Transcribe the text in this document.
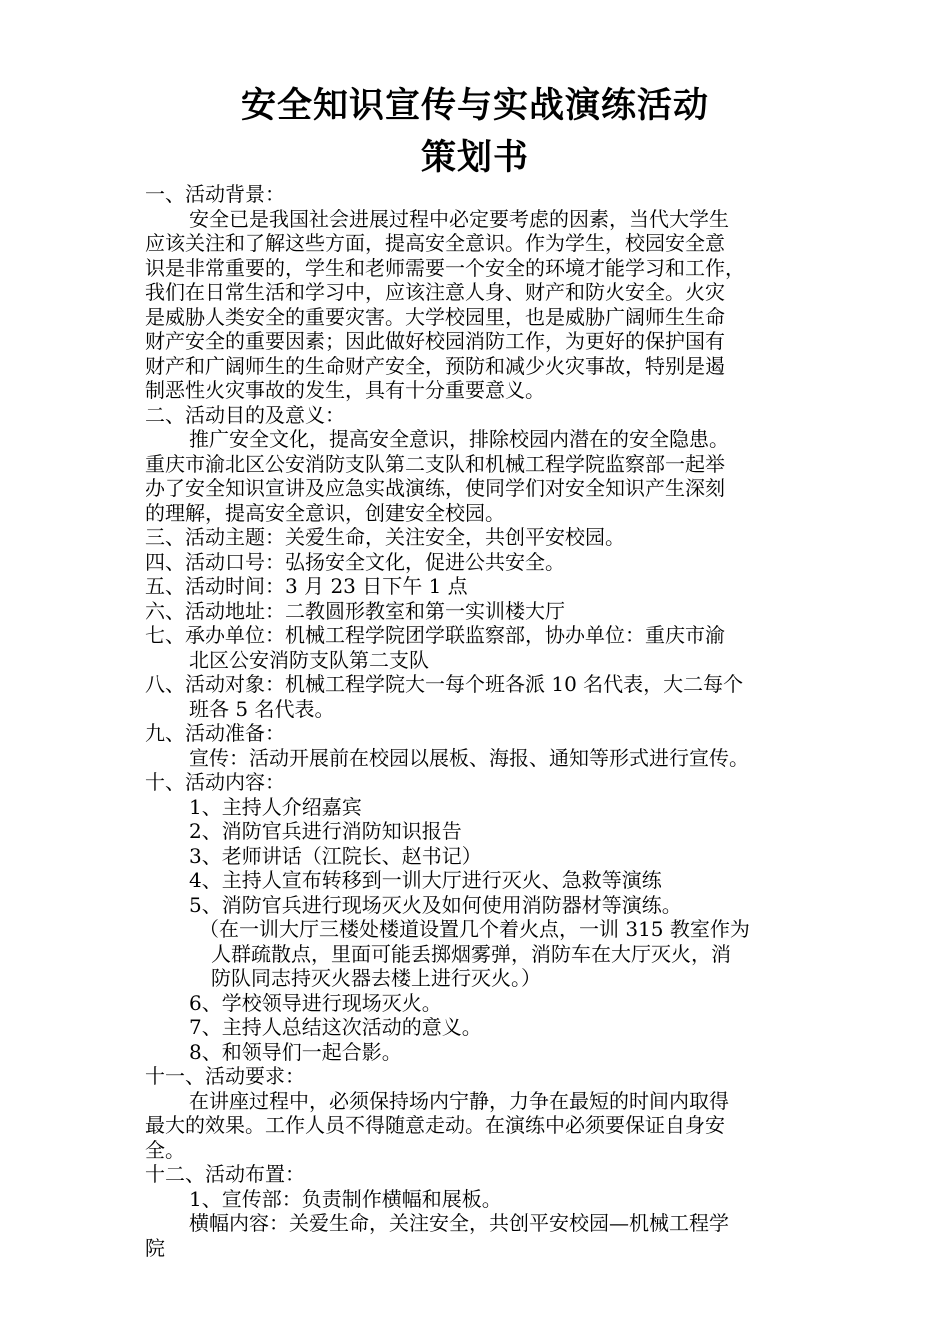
安全知识宣传与实战演练活动
策划书
一、活动背景：
安全已是我国社会进展过程中必定要考虑的因素，当代大学生
应该关注和了解这些方面，提高安全意识。作为学生，校园安全意
识是非常重要的，学生和老师需要一个安全的环境才能学习和工作，
我们在日常生活和学习中，应该注意人身、财产和防火安全。火灾
是威胁人类安全的重要灾害。大学校园里，也是威胁广阔师生生命
财产安全的重要因素；因此做好校园消防工作，为更好的保护国有
财产和广阔师生的生命财产安全，预防和减少火灾事故，特别是遏
制恶性火灾事故的发生，具有十分重要意义。
二、活动目的及意义：
推广安全文化，提高安全意识，排除校园内潜在的安全隐患。
重庆市渝北区公安消防支队第二支队和机械工程学院监察部一起举
办了安全知识宣讲及应急实战演练，使同学们对安全知识产生深刻
的理解，提高安全意识，创建安全校园。
三、活动主题：关爱生命，关注安全，共创平安校园。
四、活动口号：弘扬安全文化，促进公共安全。
五、活动时间：3 月 23 日下午 1 点
六、活动地址：二教圆形教室和第一实训楼大厅
七、承办单位：机械工程学院团学联监察部，协办单位：重庆市渝
北区公安消防支队第二支队
八、活动对象：机械工程学院大一每个班各派 10 名代表，大二每个
班各 5 名代表。
九、活动准备：
宣传：活动开展前在校园以展板、海报、通知等形式进行宣传。
十、活动内容：
1、主持人介绍嘉宾
2、消防官兵进行消防知识报告
3、老师讲话（江院长、赵书记）
4、主持人宣布转移到一训大厅进行灭火、急救等演练
5、消防官兵进行现场灭火及如何使用消防器材等演练。
（在一训大厅三楼处楼道设置几个着火点，一训 315 教室作为
人群疏散点，里面可能丢掷烟雾弹，消防车在大厅灭火，消
防队同志持灭火器去楼上进行灭火。）
6、学校领导进行现场灭火。
7、主持人总结这次活动的意义。
8、和领导们一起合影。
十一、活动要求：
在讲座过程中，必须保持场内宁静，力争在最短的时间内取得
最大的效果。工作人员不得随意走动。在演练中必须要保证自身安
全。
十二、活动布置：
1、宣传部：负责制作横幅和展板。
横幅内容：关爱生命，关注安全，共创平安校园—机械工程学
院
